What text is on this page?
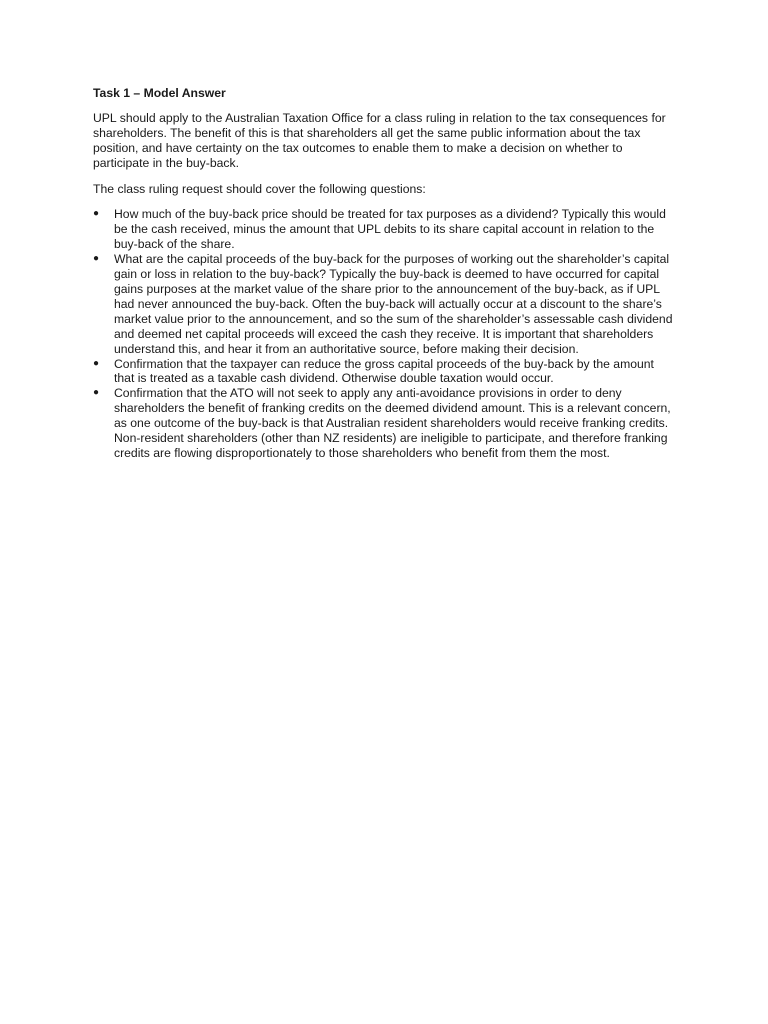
Task 1 – Model Answer

UPL should apply to the Australian Taxation Office for a class ruling in relation to the tax consequences for shareholders. The benefit of this is that shareholders all get the same public information about the tax position, and have certainty on the tax outcomes to enable them to make a decision on whether to participate in the buy-back.

The class ruling request should cover the following questions:

● How much of the buy-back price should be treated for tax purposes as a dividend? Typically this would be the cash received, minus the amount that UPL debits to its share capital account in relation to the buy-back of the share.
● What are the capital proceeds of the buy-back for the purposes of working out the shareholder’s capital gain or loss in relation to the buy-back? Typically the buy-back is deemed to have occurred for capital gains purposes at the market value of the share prior to the announcement of the buy-back, as if UPL had never announced the buy-back. Often the buy-back will actually occur at a discount to the share’s market value prior to the announcement, and so the sum of the shareholder’s assessable cash dividend and deemed net capital proceeds will exceed the cash they receive. It is important that shareholders understand this, and hear it from an authoritative source, before making their decision.
● Confirmation that the taxpayer can reduce the gross capital proceeds of the buy-back by the amount that is treated as a taxable cash dividend. Otherwise double taxation would occur.
● Confirmation that the ATO will not seek to apply any anti-avoidance provisions in order to deny shareholders the benefit of franking credits on the deemed dividend amount. This is a relevant concern, as one outcome of the buy-back is that Australian resident shareholders would receive franking credits. Non-resident shareholders (other than NZ residents) are ineligible to participate, and therefore franking credits are flowing disproportionately to those shareholders who benefit from them the most.
